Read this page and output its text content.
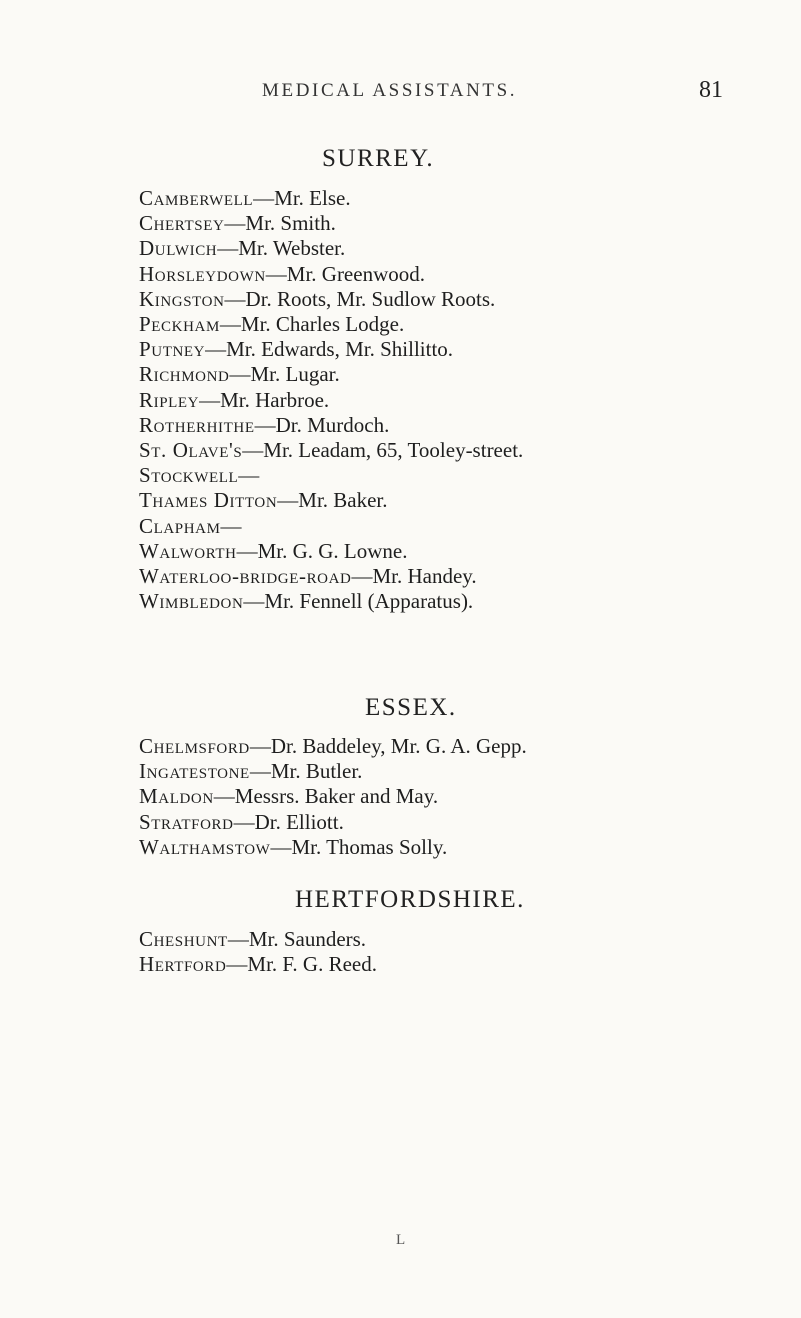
MEDICAL ASSISTANTS.	81
SURREY.
Camberwell—Mr. Else.
Chertsey—Mr. Smith.
Dulwich—Mr. Webster.
Horsleydown—Mr. Greenwood.
Kingston—Dr. Roots, Mr. Sudlow Roots.
Peckham—Mr. Charles Lodge.
Putney—Mr. Edwards, Mr. Shillitto.
Richmond—Mr. Lugar.
Ripley—Mr. Harbroe.
Rotherhithe—Dr. Murdoch.
St. Olave's—Mr. Leadam, 65, Tooley-street.
Stockwell—
Thames Ditton—Mr. Baker.
Clapham—
Walworth—Mr. G. G. Lowne.
Waterloo-bridge-road—Mr. Handey.
Wimbledon—Mr. Fennell (Apparatus).
ESSEX.
Chelmsford—Dr. Baddeley, Mr. G. A. Gepp.
Ingatestone—Mr. Butler.
Maldon—Messrs. Baker and May.
Stratford—Dr. Elliott.
Walthamstow—Mr. Thomas Solly.
HERTFORDSHIRE.
Cheshunt—Mr. Saunders.
Hertford—Mr. F. G. Reed.
L
